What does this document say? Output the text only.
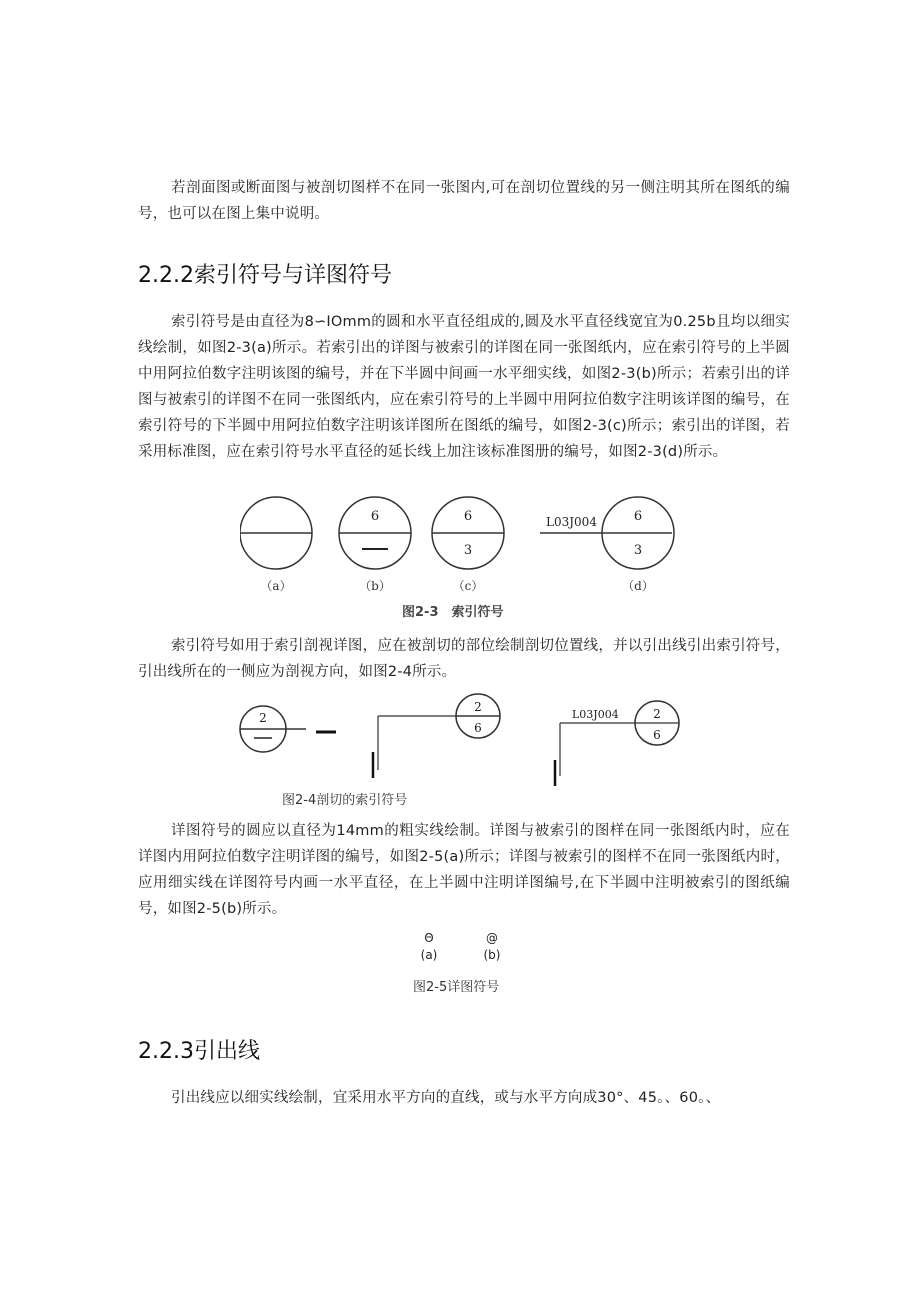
若剖面图或断面图与被剖切图样不在同一张图内,可在剖切位置线的另一侧注明其所在图纸的编号，也可以在图上集中说明。

2.2.2索引符号与详图符号

索引符号是由直径为8∽IOmm的圆和水平直径组成的,圆及水平直径线宽宜为0.25b且均以细实线绘制，如图2-3(a)所示。若索引出的详图与被索引的详图在同一张图纸内，应在索引符号的上半圆中用阿拉伯数字注明该图的编号，并在下半圆中间画一水平细实线，如图2-3(b)所示；若索引出的详图与被索引的详图不在同一张图纸内，应在索引符号的上半圆中用阿拉伯数字注明该详图的编号，在索引符号的下半圆中用阿拉伯数字注明该详图所在图纸的编号，如图2-3(c)所示；索引出的详图，若采用标准图，应在索引符号水平直径的延长线上加注该标准图册的编号，如图2-3(d)所示。

6	6
3
L03J004	6
3
（a）	（b）	（c）	（d）
图2-3　索引符号

索引符号如用于索引剖视详图，应在被剖切的部位绘制剖切位置线，并以引出线引出索引符号，引出线所在的一侧应为剖视方向，如图2-4所示。

2
2
6
L03J004	2
6
图2-4剖切的索引符号

详图符号的圆应以直径为14mm的粗实线绘制。详图与被索引的图样在同一张图纸内时，应在详图内用阿拉伯数字注明详图的编号，如图2-5(a)所示；详图与被索引的图样不在同一张图纸内时，应用细实线在详图符号内画一水平直径，在上半圆中注明详图编号,在下半圆中注明被索引的图纸编号，如图2-5(b)所示。

Θ	@
(a)	(b)
图2-5详图符号
2.2.3引出线

引出线应以细实线绘制，宜采用水平方向的直线，或与水平方向成30°、45。、60。、
